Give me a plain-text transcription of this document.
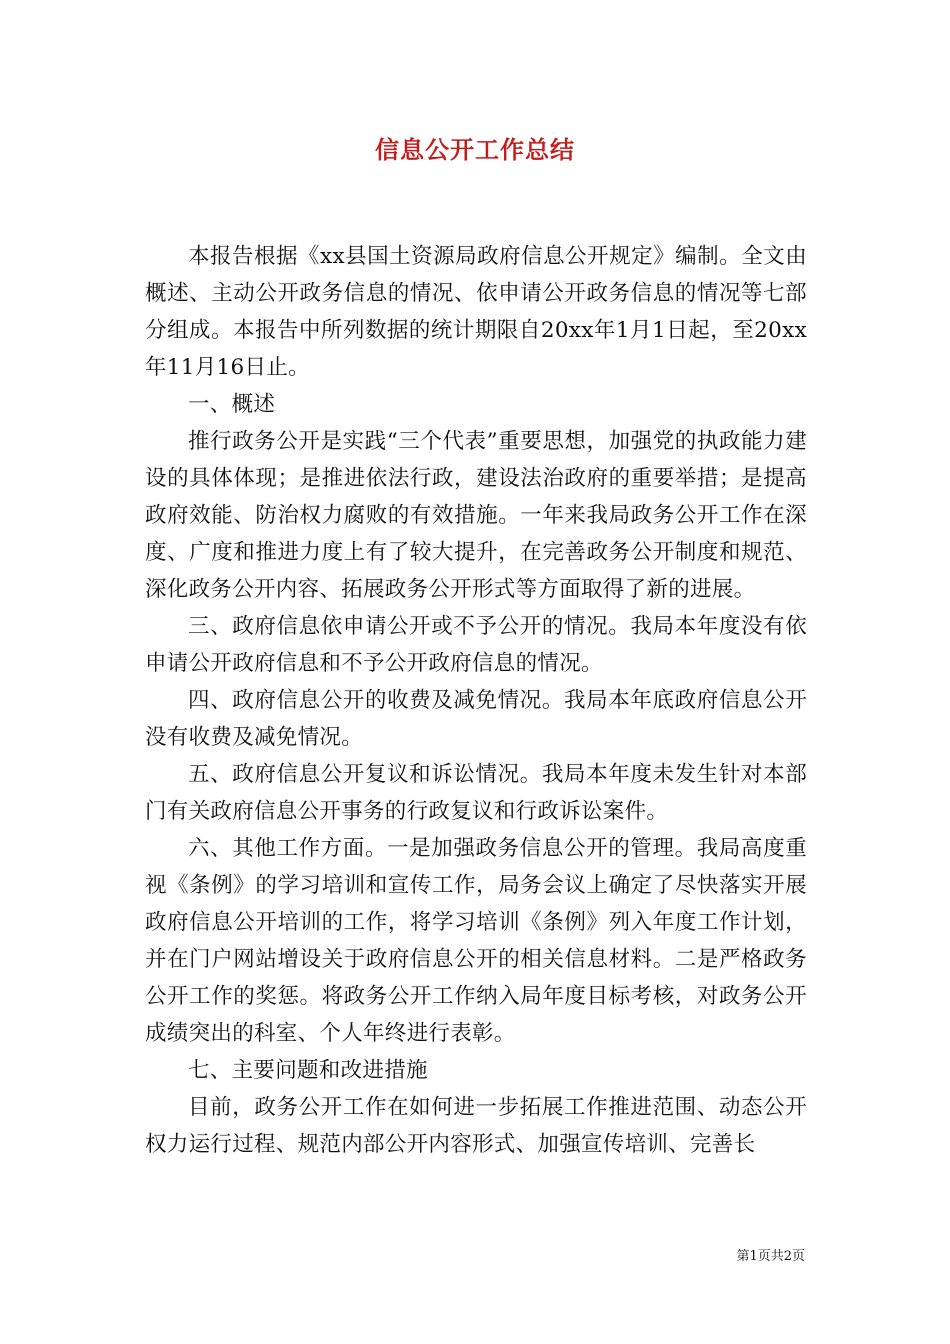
信息公开工作总结

本报告根据《xx县国土资源局政府信息公开规定》编制。全文由概述、主动公开政务信息的情况、依申请公开政务信息的情况等七部分组成。本报告中所列数据的统计期限自20xx年1月1日起，至20xx年11月16日止。

一、概述

推行政务公开是实践“三个代表”重要思想，加强党的执政能力建设的具体体现；是推进依法行政，建设法治政府的重要举措；是提高政府效能、防治权力腐败的有效措施。一年来我局政务公开工作在深度、广度和推进力度上有了较大提升，在完善政务公开制度和规范、深化政务公开内容、拓展政务公开形式等方面取得了新的进展。

三、政府信息依申请公开或不予公开的情况。我局本年度没有依申请公开政府信息和不予公开政府信息的情况。

四、政府信息公开的收费及减免情况。我局本年底政府信息公开没有收费及减免情况。

五、政府信息公开复议和诉讼情况。我局本年度未发生针对本部门有关政府信息公开事务的行政复议和行政诉讼案件。

六、其他工作方面。一是加强政务信息公开的管理。我局高度重视《条例》的学习培训和宣传工作，局务会议上确定了尽快落实开展政府信息公开培训的工作，将学习培训《条例》列入年度工作计划，并在门户网站增设关于政府信息公开的相关信息材料。二是严格政务公开工作的奖惩。将政务公开工作纳入局年度目标考核，对政务公开成绩突出的科室、个人年终进行表彰。

七、主要问题和改进措施

目前，政务公开工作在如何进一步拓展工作推进范围、动态公开权力运行过程、规范内部公开内容形式、加强宣传培训、完善长

第1页共2页
